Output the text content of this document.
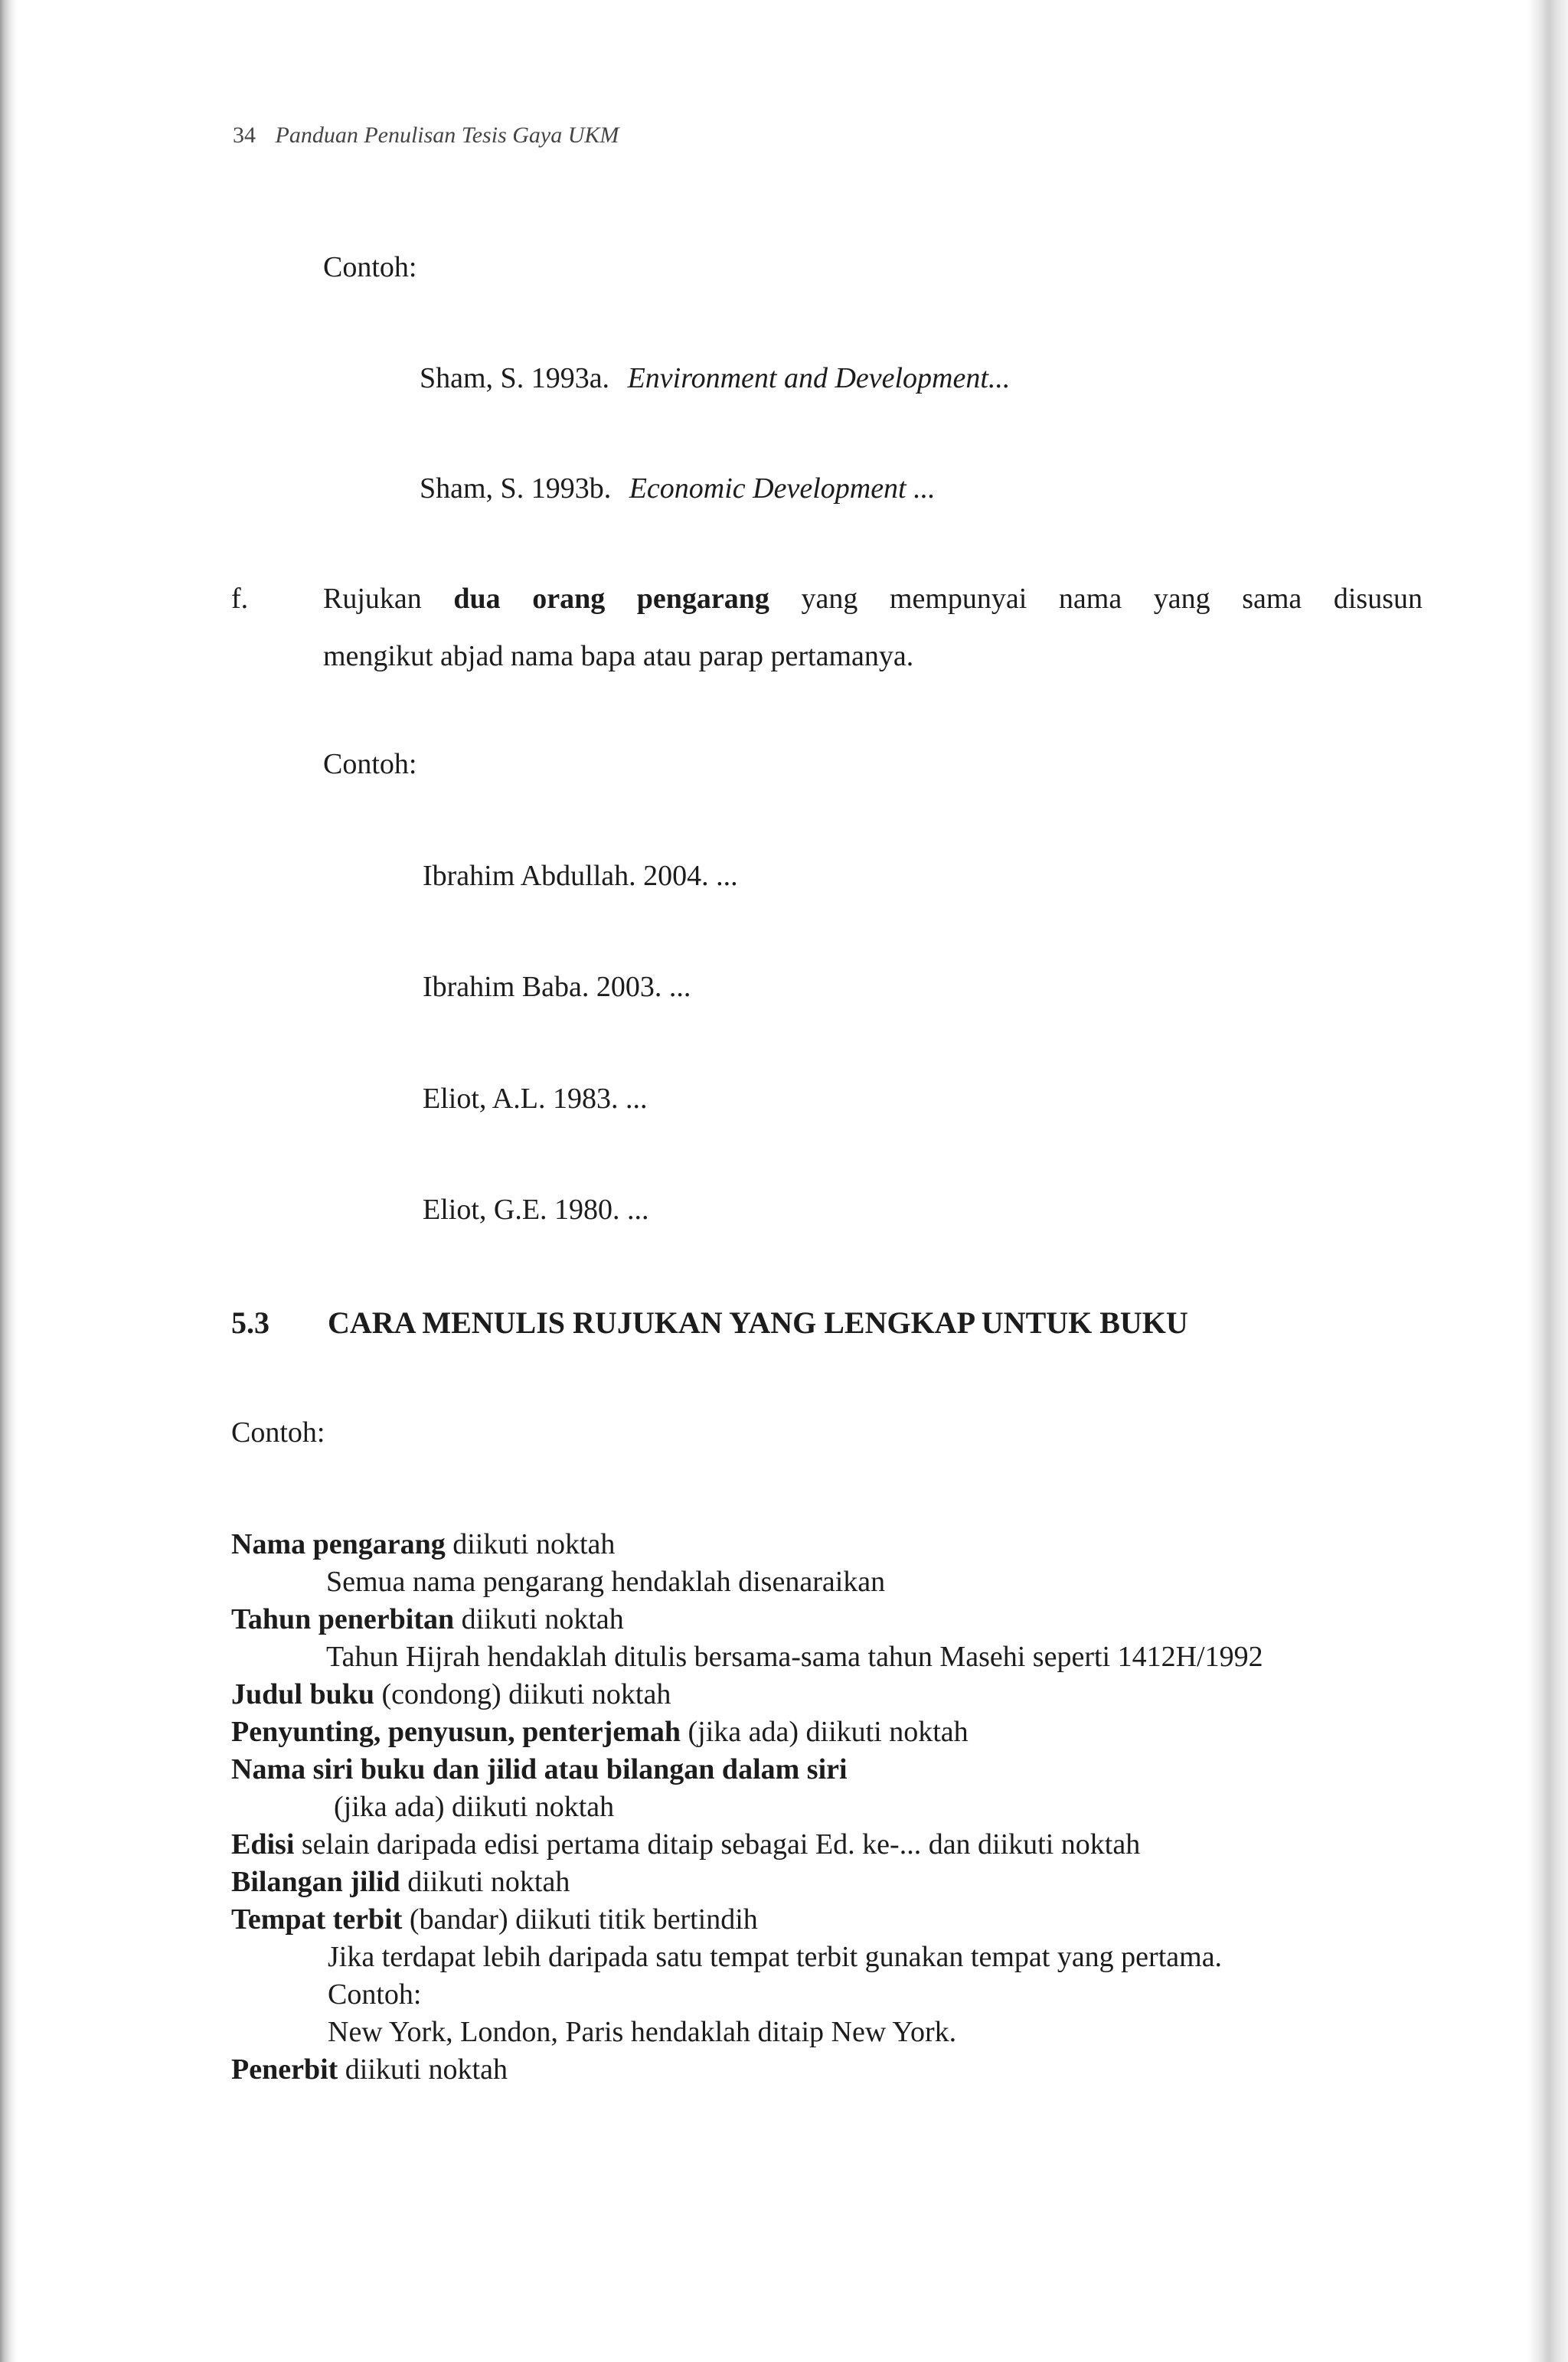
34 Panduan Penulisan Tesis Gaya UKM
Contoh:
Sham, S. 1993a. Environment and Development...
Sham, S. 1993b. Economic Development ...
f.	Rujukan dua orang pengarang yang mempunyai nama yang sama disusun

mengikut abjad nama bapa atau parap pertamanya.
Contoh:
Ibrahim Abdullah. 2004. ...
Ibrahim Baba. 2003. ...
Eliot, A.L. 1983. ...
Eliot, G.E. 1980. ...
5.3 CARA MENULIS RUJUKAN YANG LENGKAP UNTUK BUKU
Contoh:
Nama pengarang diikuti noktah
Semua nama pengarang hendaklah disenaraikan
Tahun penerbitan diikuti noktah
Tahun Hijrah hendaklah ditulis bersama-sama tahun Masehi seperti 1412H/1992
Judul buku (condong) diikuti noktah
Penyunting, penyusun, penterjemah (jika ada) diikuti noktah
Nama siri buku dan jilid atau bilangan dalam siri
(jika ada) diikuti noktah
Edisi selain daripada edisi pertama ditaip sebagai Ed. ke-... dan diikuti noktah
Bilangan jilid diikuti noktah
Tempat terbit (bandar) diikuti titik bertindih
Jika terdapat lebih daripada satu tempat terbit gunakan tempat yang pertama.
Contoh:
New York, London, Paris hendaklah ditaip New York.
Penerbit diikuti noktah
